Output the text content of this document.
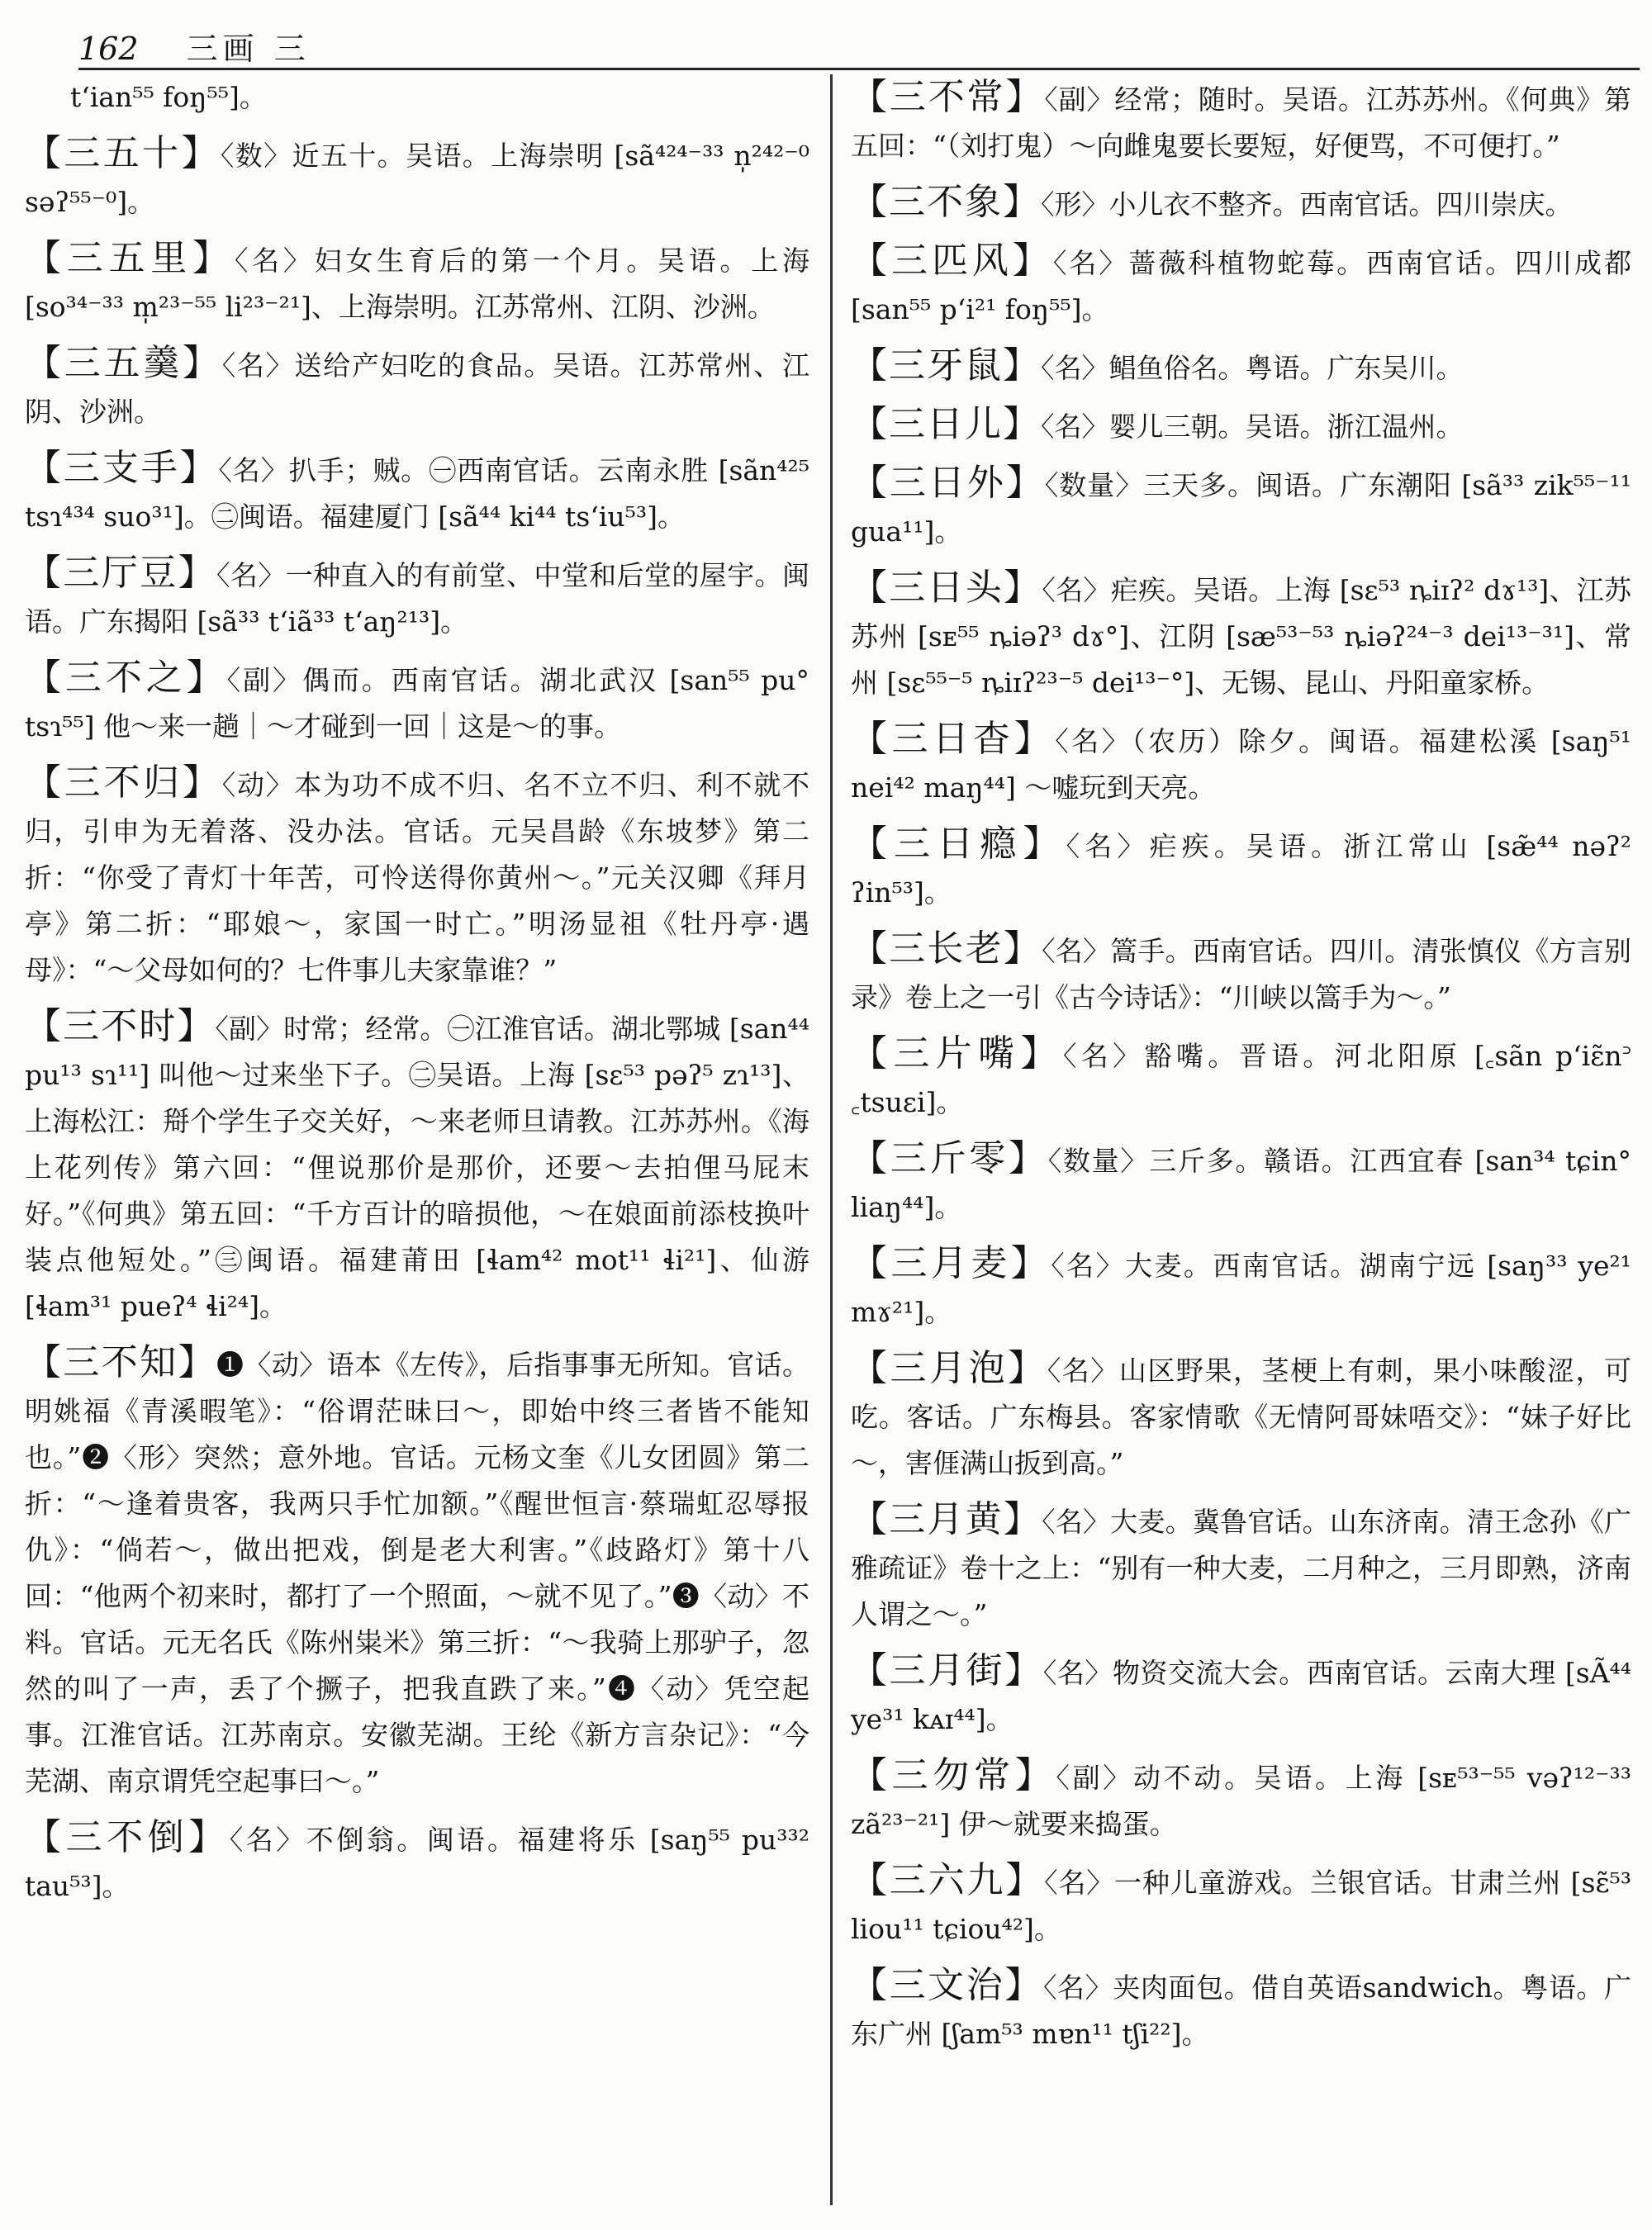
162 三画 三
tʻian⁵⁵ foŋ⁵⁵]。
【三五十】〈数〉近五十。吴语。上海崇明 [sã⁴²⁴⁻³³ n̩²⁴²⁻⁰ səʔ⁵⁵⁻⁰]。
【三五里】〈名〉妇女生育后的第一个月。吴语。上海 [so³⁴⁻³³ m̩²³⁻⁵⁵ li²³⁻²¹]、上海崇明。江苏常州、江阴、沙洲。
【三五羹】〈名〉送给产妇吃的食品。吴语。江苏常州、江阴、沙洲。
【三支手】〈名〉扒手；贼。㊀西南官话。云南永胜 [sãn⁴²⁵ tsɿ⁴³⁴ suo³¹]。㊁闽语。福建厦门 [sã⁴⁴ ki⁴⁴ tsʻiu⁵³]。
【三厅豆】〈名〉一种直入的有前堂、中堂和后堂的屋宇。闽语。广东揭阳 [sã³³ tʻiã³³ tʻaŋ²¹³]。
【三不之】〈副〉偶而。西南官话。湖北武汉 [san⁵⁵ pu° tsɿ⁵⁵] 他～来一趟｜～才碰到一回｜这是～的事。
【三不归】〈动〉本为功不成不归、名不立不归、利不就不归，引申为无着落、没办法。官话。元吴昌龄《东坡梦》第二折：“你受了青灯十年苦，可怜送得你黄州～。”元关汉卿《拜月亭》第二折：“耶娘～，家国一时亡。”明汤显祖《牡丹亭·遇母》：“～父母如何的？七件事儿夫家靠谁？”
【三不时】〈副〉时常；经常。㊀江淮官话。湖北鄂城 [san⁴⁴ pu¹³ sɿ¹¹] 叫他～过来坐下子。㊁吴语。上海 [sɛ⁵³ pəʔ⁵ zɿ¹³]、上海松江：搿个学生子交关好，～来老师旦请教。江苏苏州。《海上花列传》第六回：“俚说那价是那价，还要～去拍俚马屁末好。”《何典》第五回：“千方百计的暗损他，～在娘面前添枝换叶装点他短处。”㊂闽语。福建莆田 [ɬam⁴² mot¹¹ ɬi²¹]、仙游 [ɬam³¹ pueʔ⁴ ɬi²⁴]。
【三不知】❶〈动〉语本《左传》，后指事事无所知。官话。明姚福《青溪暇笔》：“俗谓茫昧曰～，即始中终三者皆不能知也。”❷〈形〉突然；意外地。官话。元杨文奎《儿女团圆》第二折：“～逢着贵客，我两只手忙加额。”《醒世恒言·蔡瑞虹忍辱报仇》：“倘若～，做出把戏，倒是老大利害。”《歧路灯》第十八回：“他两个初来时，都打了一个照面，～就不见了。”❸〈动〉不料。官话。元无名氏《陈州粜米》第三折：“～我骑上那驴子，忽然的叫了一声，丢了个撅子，把我直跌了来。”❹〈动〉凭空起事。江淮官话。江苏南京。安徽芜湖。王纶《新方言杂记》：“今芜湖、南京谓凭空起事曰～。”
【三不倒】〈名〉不倒翁。闽语。福建将乐 [saŋ⁵⁵ pu³³² tau⁵³]。
【三不常】〈副〉经常；随时。吴语。江苏苏州。《何典》第五回：“（刘打鬼）～向雌鬼要长要短，好便骂，不可便打。”
【三不象】〈形〉小儿衣不整齐。西南官话。四川崇庆。
【三匹风】〈名〉蔷薇科植物蛇莓。西南官话。四川成都 [san⁵⁵ pʻi²¹ foŋ⁵⁵]。
【三牙鼠】〈名〉鲳鱼俗名。粤语。广东吴川。
【三日儿】〈名〉婴儿三朝。吴语。浙江温州。
【三日外】〈数量〉三天多。闽语。广东潮阳 [sã³³ zik⁵⁵⁻¹¹ gua¹¹]。
【三日头】〈名〉疟疾。吴语。上海 [sɛ⁵³ ȵiɪʔ² dɤ¹³]、江苏苏州 [sᴇ⁵⁵ ȵiəʔ³ dɤ°]、江阴 [sæ⁵³⁻⁵³ ȵiəʔ²⁴⁻³ dei¹³⁻³¹]、常州 [sɛ⁵⁵⁻⁵ ȵiɪʔ²³⁻⁵ dei¹³⁻°]、无锡、昆山、丹阳童家桥。
【三日杳】〈名〉（农历）除夕。闽语。福建松溪 [saŋ⁵¹ nei⁴² maŋ⁴⁴] ～嘘玩到天亮。
【三日瘾】〈名〉疟疾。吴语。浙江常山 [sæ̃⁴⁴ nəʔ² ʔin⁵³]。
【三长老】〈名〉篙手。西南官话。四川。清张慎仪《方言别录》卷上之一引《古今诗话》：“川峡以篙手为～。”
【三片嘴】〈名〉豁嘴。晋语。河北阳原 [꜀sãn pʻiɛ̃n꜄ ꜀tsuɛi]。
【三斤零】〈数量〉三斤多。赣语。江西宜春 [san³⁴ tɕin° liaŋ⁴⁴]。
【三月麦】〈名〉大麦。西南官话。湖南宁远 [saŋ³³ ye²¹ mɤ²¹]。
【三月泡】〈名〉山区野果，茎梗上有刺，果小味酸涩，可吃。客话。广东梅县。客家情歌《无情阿哥妹唔交》：“妹子好比～，害𠊎满山扳到高。”
【三月黄】〈名〉大麦。冀鲁官话。山东济南。清王念孙《广雅疏证》卷十之上：“别有一种大麦，二月种之，三月即熟，济南人谓之～。”
【三月街】〈名〉物资交流大会。西南官话。云南大理 [sÃ⁴⁴ ye³¹ kᴀɪ⁴⁴]。
【三勿常】〈副〉动不动。吴语。上海 [sᴇ⁵³⁻⁵⁵ vəʔ¹²⁻³³ zã²³⁻²¹] 伊～就要来捣蛋。
【三六九】〈名〉一种儿童游戏。兰银官话。甘肃兰州 [sɛ̃⁵³ liou¹¹ tɕiou⁴²]。
【三文治】〈名〉夹肉面包。借自英语sandwich。粤语。广东广州 [ʃam⁵³ mɐn¹¹ tʃi²²]。
